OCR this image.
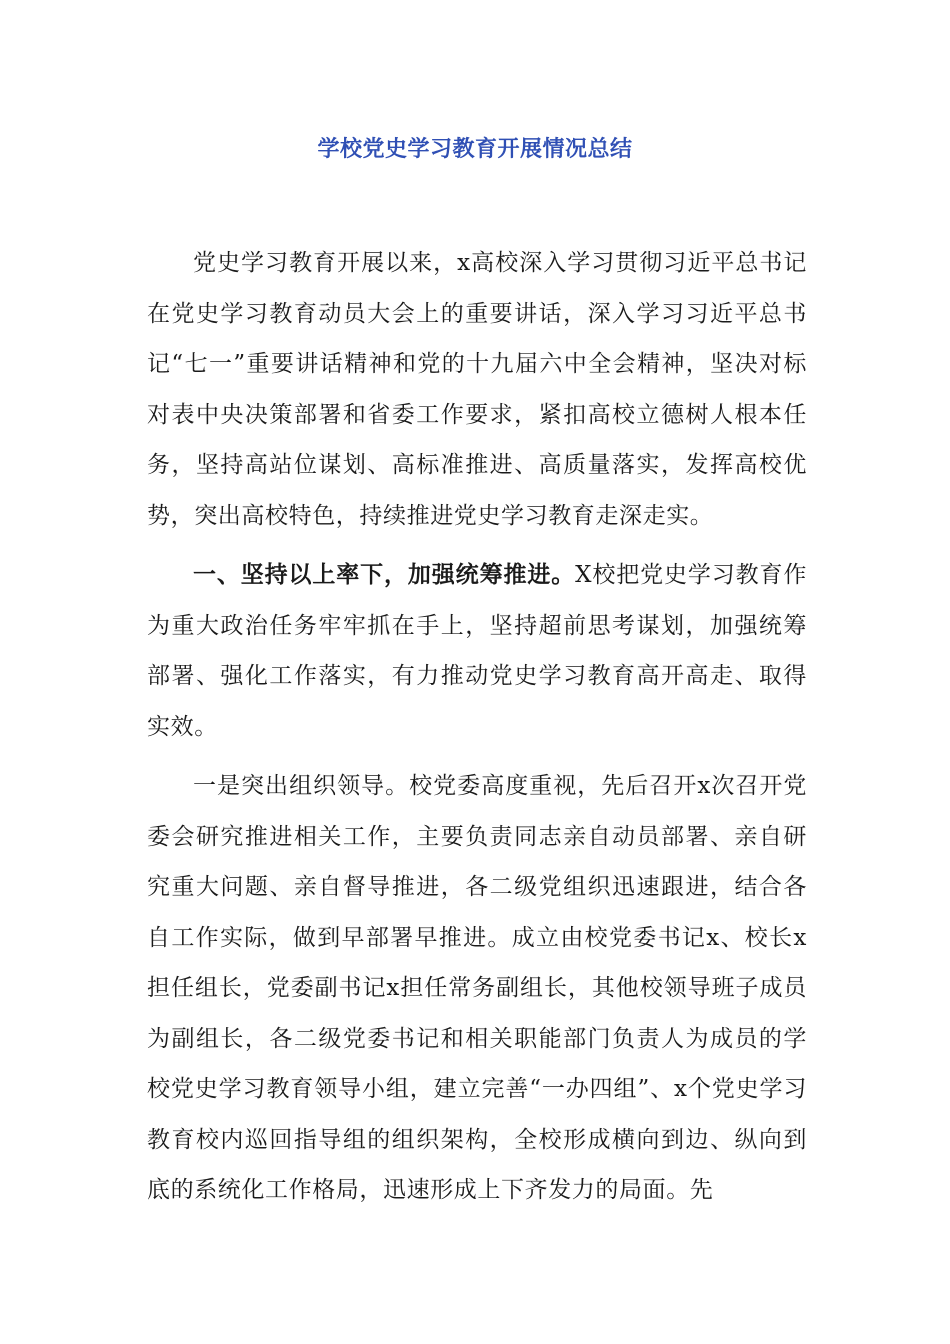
学校党史学习教育开展情况总结

党史学习教育开展以来，x高校深入学习贯彻习近平总书记在党史学习教育动员大会上的重要讲话，深入学习习近平总书记“七一”重要讲话精神和党的十九届六中全会精神，坚决对标对表中央决策部署和省委工作要求，紧扣高校立德树人根本任务，坚持高站位谋划、高标准推进、高质量落实，发挥高校优势，突出高校特色，持续推进党史学习教育走深走实。

一、坚持以上率下，加强统筹推进。X校把党史学习教育作为重大政治任务牢牢抓在手上，坚持超前思考谋划，加强统筹部署、强化工作落实，有力推动党史学习教育高开高走、取得实效。

一是突出组织领导。校党委高度重视，先后召开x次召开党委会研究推进相关工作，主要负责同志亲自动员部署、亲自研究重大问题、亲自督导推进，各二级党组织迅速跟进，结合各自工作实际，做到早部署早推进。成立由校党委书记x、校长x担任组长，党委副书记x担任常务副组长，其他校领导班子成员为副组长，各二级党委书记和相关职能部门负责人为成员的学校党史学习教育领导小组，建立完善“一办四组”、x个党史学习教育校内巡回指导组的组织架构，全校形成横向到边、纵向到底的系统化工作格局，迅速形成上下齐发力的局面。先
